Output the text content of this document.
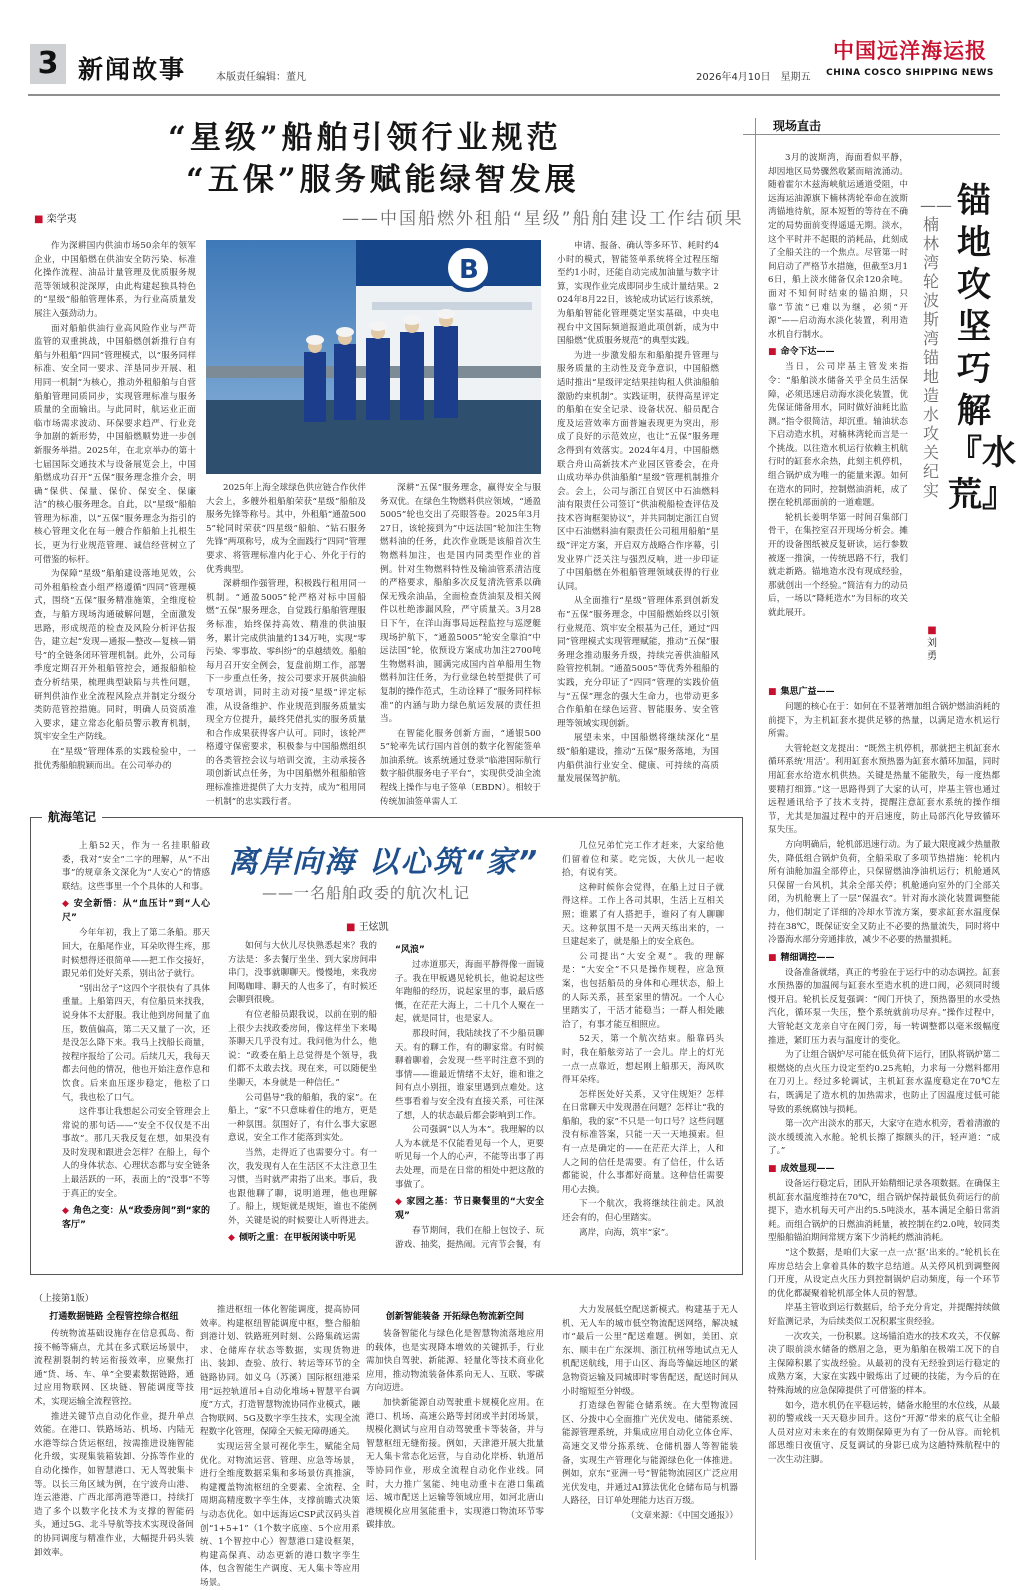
3 新闻故事	本版责任编辑：董凡	2026年4月10日　星期五
中国远洋海运报
CHINA COSCO SHIPPING NEWS
“星级”船舶引领行业规范
“五保”服务赋能绿智发展
——中国船燃外租船“星级”船舶建设工作结硕果
■ 栾学夷
B

作为深耕国内供油市场50余年的领军企业，中国船燃在供油安全防污染、标准化操作流程、油品计量管理及优质服务规范等领域积淀深厚，由此构建起独具特色的“星级”船舶管理体系，为行业高质量发展注入强劲动力。

面对船舶供油行业高风险作业与严苛监管的双重挑战，中国船燃创新推行自有船与外租船“四同”管理模式，以“服务同样标准、安全同一要求、洋垦同步开展、租用同一机制”为核心，推动外租船舶与自营船舶管理同质同步，实现管理标准与服务质量的全面输出。与此同时，航运业正面临市场需求波动、环保要求趋严、行业竞争加剧的新形势，中国船燃顺势进一步创新服务举措。2025年，在北京举办的第十七届国际交通技术与设备展览会上，中国船燃成功召开“五保”服务理念推介会，明确“保供、保量、保价、保安全、保廉洁”的核心服务理念。自此，以“星级”船舶管理为标准，以“五保”服务理念为指引的核心管理文化在每一艘合作船舶上扎根生长，更为行业规范管理、诚信经营树立了可借鉴的标杆。

为保障“星级”船舶建设落地见效，公司外租船检查小组严格遵循“四同”管理模式，围绕“五保”服务精准施策，全维度检查，与船方现场沟通破解问题，全面激发思路，形成规范的检查及风险分析评估报告，建立起“发现—通报—整改—复核—销号”的全链条闭环管理机制。此外，公司每季度定期召开外租船管控会，通报船舶检查分析结果，梳理典型缺陷与共性问题，研判供油作业全流程风险点并制定分级分类防范管控措施。同时，明确人员资质准入要求，建立常态化船员警示教育机制，筑牢安全生产防线。

在“星级”管理体系的实践检验中，一批优秀船舶脱颖而出。在公司举办的

2025年上海全球绿色供应链合作伙伴大会上，多艘外租船舶荣获“星级”船舶及服务先锋等称号。其中，外租船“通盈5005”轮同时荣获“四星级”船舶、“钻石服务先锋”两项称号，成为全面践行“四同”管理要求、将管理标准内化于心、外化于行的优秀典型。

深耕细作强管理，积极践行租用同一机制。“通盈5005”轮严格对标中国船燃“五保”服务理念，自觉践行船舶管理服务标准，始终保持高效、精准的供油服务，累计完成供油量约134万吨，实现“零污染、零事故、零纠纷”的卓越绩效。船舶每月召开安全例会，复盘前期工作，部署下一步重点任务，按公司要求开展供油船专项培训，同时主动对接“星级”评定标准，从设备维护、作业规范到服务质量实现全方位提升，最终凭借扎实的服务质量和合作成果获得客户认可。同时，该轮严格遵守保密要求，积极参与中国船燃组织的各类管控会议与培训交流，主动承接各项创新试点任务，为中国船燃外租船舶管理标准推进提供了大力支持，成为“租用同一机制”的忠实践行者。

深耕“五保”服务理念，赢得安全与服务双优。在绿色生物燃料供应领域，“通盈5005”轮也交出了亮眼答卷。2025年3月27日，该轮接到为“中远法国”轮加注生物燃料油的任务，此次作业既是该船首次生物燃料加注，也是国内同类型作业的首例。针对生物燃料特性及输油管系清洁度的严格要求，船舶多次反复清洗管系以确保无残余油品，全面检查货油泵及相关阀件以杜绝渗漏风险，严守质量关。3月28日下午，在洋山海事局远程监控与巡逻艇现场护航下，“通盈5005”轮安全靠泊“中远法国”轮，依预设方案成功加注2700吨生物燃料油，圆满完成国内首单船用生物燃料加注任务，为行业绿色转型提供了可复制的操作范式，生动诠释了“服务同样标准”的内涵与助力绿色航运发展的责任担当。

在智能化服务创新方面，“通银5005”轮率先试行国内首创的数字化智能签单加油系统。该系统通过登录“临港国际航行数字船供服务电子平台”，实现供受油全流程线上操作与电子签单（EBDN）。相较于传统加油签单需人工

申请、报备、确认等多环节、耗时约4小时的模式，智能签单系统将全过程压缩至约1小时，还能自动完成加油量与数字计算，实现作业完成即同步生成计量结果。2024年8月22日，该轮成功试运行该系统，为船舶智能化管理奠定坚实基础，中央电视台中文国际频道报道此项创新，成为中国船燃“优质服务规范”的典型实践。

为进一步激发船东和船舶提升管理与服务质量的主动性及竞争意识，中国船燃适时推出“星级评定结果挂钩租人供油船舶激励约束机制”。实践证明，获得高星评定的船舶在安全记录、设备状况、船员配合度及运营效率方面普遍表现更为突出，形成了良好的示范效应，也让“五保”服务理念得到有效落实。2024年4月，中国船燃联合舟山高新技术产业园区管委会，在舟山成功举办供油船舶“星级”管理机制推介会。会上，公司与浙江自贸区中石油燃料油有限责任公司签订“供油税船检查评估及技术咨询框架协议”，并共同制定浙江自贸区中石油燃料油有限责任公司租用船舶“星级”评定方案，开启双方战略合作序幕，引发业界广泛关注与强烈反响，进一步印证了中国船燃在外租船管理领域获得的行业认同。

从全面推行“星级”管理体系到创新发布“五保”服务理念，中国船燃始终以引领行业规范、筑牢安全根基为己任，通过“四同”管理模式实现管理赋能，推动“五保”服务理念推动服务升级，持续完善供油船风险管控机制。“通盈5005”等优秀外租船的实践，充分印证了“四同”管理的实践价值与“五保”理念的强大生命力，也带动更多合作船舶在绿色运营、智能服务、安全管理等领域实现创新。

展望未来，中国船燃将继续深化“星级”船舶建设，推动“五保”服务落地，为国内船供油行业安全、健康、可持续的高质量发展保驾护航。

现场直击
锚地攻坚巧解『水荒』
——楠林湾轮波斯湾锚地造水攻关纪实
■刘勇

3月的波斯湾，海面看似平静，却因地区局势骤然收紧而暗流涌动。随着霍尔木兹海峡航运通道受阻，中远海运油源旗下楠林湾轮奉命在波斯湾锚地待航，原本短暂的等待在不确定的局势面前变得遥遥无期。淡水，这个平时并不起眼的消耗品，此刻成了全船关注的一个焦点。尽管第一时间启动了严格节水措施，但截至3月16日，船上淡水储备仅余120余吨。面对不知何时结束的锚泊期，只靠“节流”已难以为继，必须“开源”——启动海水淡化装置，利用造水机自行制水。

■ 命令下达——

当日，公司岸基主管发来指令：“船舶淡水储备关乎全员生活保障，必须迅速启动海水淡化装置，优先保证储备用水，同时做好油耗比监测。”指令很简洁，却沉重。轴油状态下启动造水机，对楠林湾轮而言是一个挑战。以往造水机运行依赖主机航行时的缸套水余热，此刻主机停机，组合锅炉成为唯一的能量来源。如何在造水的同时，控制燃油消耗，成了摆在轮机部面前的一道难题。

轮机长姜明华第一时间召集部门骨干，在集控室召开现场分析会。摊开的设备图纸被反复研读，运行参数被逐一推演，一传统思路不行，我们就走新路。锚地造水没有现成经验，那就创出一个经验。”简洁有力的动员后，一场以“降耗造水”为目标的攻关就此展开。

■ 集思广益——

问题的核心在于：如何在不显著增加组合锅炉燃油消耗的前提下，为主机缸套水提供足够的热量，以满足造水机运行所需。

大管轮赵文龙提出：“既然主机停机，那就把主机缸套水循环系统‘用活’。利用缸套水预热器为缸套水循环加温，同时用缸套水给造水机供热。关键是热量不能散失，每一度热都要精打细算。”这一思路得到了大家的认可，岸基主管也通过远程通讯给予了技术支持，提醒注意缸套水系统的操作细节，尤其是加温过程中的开启速度，防止局部汽化导致循环泵失压。

方向明确后，轮机部迅速行动。为了最大限度减少热量散失，降低组合锅炉负荷，全船采取了多项节热措施：轮机内所有油舱加温全部停止，只保留燃油净油机运行；机舱通风只保留一台风机，其余全部关停；机舱通向室外的门全部关闭，为机舱裹上了一层“保温衣”。针对海水淡化装置调整能力，他们制定了详细的冷却水节流方案，要求缸套水温度保持在38℃，既保证安全又防止不必要的热量流失，同时将中冷器海水部分旁通排放，减少不必要的热量损耗。

■ 精细调控——

设备准备就绪，真正的考验在于运行中的动态调控。缸套水预热器的加温阀与缸套水至造水机的进口阀，必须同时缓慢开启。轮机长反复强调：“阀门开快了，预热器里的水受热汽化，循环泵一失压，整个系统就前功尽弃。”操作过程中，大管轮赵文龙亲自守在阀门旁，每一转调整都以毫米级幅度推进，紧盯压力表与温度计的变化。

为了让组合锅炉尽可能在低负荷下运行，团队将锅炉第二根燃烧的点火压力设定至约0.25兆帕，力求每一分燃料都用在刀刃上。经过多轮调试，主机缸套水温度稳定在70℃左右，既满足了造水机的加热需求，也防止了因温度过低可能导致的系统腐蚀与损耗。

第一次产出淡水的那天，大家守在造水机旁，看着清澈的淡水缓缓流入水舱。轮机长擦了擦额头的汗，轻声道：“成了。”

■ 成效显现——

设备运行稳定后，团队开始精细记录各项数据。在确保主机缸套水温度维持在70℃，组合锅炉保持最低负荷运行的前提下，造水机每天可产出约5.5吨淡水，基本满足全船日常消耗。而组合锅炉的日燃油消耗量，被控制在约2.0吨，较同类型船舶锚泊期间常规方案下少消耗约燃油消耗。

“这个数据，是咱们大家一点一点‘抠’出来的。”轮机长在库房总结会上拿着具体的数字总结道。从关停风机到调整阀门开度，从设定点火压力到控制锅炉启动频度，每一个环节的优化都凝聚着轮机部全体人员的智慧。

岸基主管收到运行数据后，给予充分肯定，并提醒持续做好监测记录，为后续类似工况积累宝贵经验。

一次攻关，一份积累。这场锚泊造水的技术攻关，不仅解决了眼前淡水储备的燃眉之急，更为船舶在极端工况下的自主保障积累了实战经验。从最初的没有无经验到运行稳定的成熟方案，大家在实践中锻炼出了过硬的技能，为今后的在特殊海域的应急保障提供了可借鉴的样本。

如今，造水机仍在平稳运转，储备水舱里的水位线，从最初的警戒线一天天稳步回升。这份“开源”带来的底气让全船人员对应对未来在的有效期保障更为有了一份从容。而轮机部思维日夜值守、反复调试的身影已成为这趟特殊航程中的一次生动注脚。

航海笔记
离岸向海 以心筑“家”
——一名船舶政委的航次札记
■ 王炫凯

上船52天，作为一名挂职船政委，我对“安全”二字的理解，从“不出事”的规章条文深化为“人安心”的情感联结。这些事里一个个具体的人和事。

◆ 安全新悟：从“血压计”到“人心尺”

今年年初，我上了第二条船。那天回大，在船尾作业，耳朵吹得生疼，那时候想得还很简单——把工作交接好，跟兄弟们处好关系，别出岔子就行。

“别出岔子”这四个字很快有了具体重量。上船第四天，有位船员来找我，说身体不太舒服。我让他到房间量了血压，数值偏高，第二天又量了一次，还是没怎么降下来。我马上找船长商量，按程序报给了公司。后续几天，我每天都去问他的情况，他也开始注意作息和饮食。后来血压逐步稳定，他松了口气，我也松了口气。

这件事让我想起公司安全管理会上常说的那句话——“安全不仅仅是不出事故”。那几天我反复在想，如果没有及时发现和跟进会怎样？在船上，每个人的身体状态、心理状态都与安全链条上最活跃的一环，表面上的“没事”不等于真正的安全。

◆ 角色之变：从“政委房间”到“家的客厅”

如何与大伙儿尽快熟悉起来？我的方法是：多去餐厅坐坐、到大家房间串串门，没事就聊聊天。慢慢地，来我房间喝咖啡、聊天的人也多了，有时候还会聊到很晚。

有位老船员跟我说，以前在别的船上很少去找政委房间，像这样坐下来喝茶聊天几乎没有过。我问他为什么，他说：“政委在船上总觉得是个领导，我们都不太敢去找。现在来，可以随便坐坐聊天，本身就是一种信任。”

公司倡导“我的船舶，我的家”。在船上，“家”不只意味着住的地方，更是一种氛围。氛围好了，有什么事大家愿意说，安全工作才能落到实处。

当然，走得近了也需要分寸。有一次，我发现有人在生活区不太注意卫生习惯，当时就严肃指了出来。事后，我也跟他聊了聊，说明道理，他也理解了。船上，规矩就是规矩，谁也不能例外，关键是说的时候要让人听得进去。

◆ 倾听之重：在甲板闲谈中听见
“风浪”

过赤道那天，海面平静得像一面镜子。我在甲板遇见轮机长，他说起这些年跑船的经历，说起家里的事，最后感慨，在茫茫大海上，二十几个人聚在一起，就是同甘，也是家人。

那段时间，我陆续找了不少船员聊天。有的聊工作，有的聊家常。有时候聊着聊着，会发现一些平时注意不到的事情——谁最近情绪不太好，谁和谁之间有点小别扭，谁家里遇到点难处。这些事看着与安全没有直接关系，可往深了想，人的状态最后都会影响到工作。

公司强调“以人为本”。我理解的以人为本就是不仅能看见每一个人，更要听见每一个人的心声，不能等出事了再去处理，而是在日常的相处中把这散的事做了。

◆ 家园之基：节日聚餐里的“大安全观”

春节期间，我们在船上包饺子、玩游戏、抽奖，挺热闹。元宵节会餐，有

几位兄弟忙完工作才赶来，大家给他们留着位和菜。吃完饭，大伙儿一起收拾，有说有笑。

这种时候你会觉得，在船上过日子就得这样。工作上各司其职，生活上互相关照；谁累了有人搭把手，谁闷了有人聊聊天。这种氛围不是一天两天练出来的，一旦建起来了，就是船上的安全底色。

公司提出“大安全观”。我的理解是：“大安全”不只是操作规程，应急预案，也包括船员的身体和心理状态，船上的人际关系，甚至家里的情况。一个人心里踏实了，干活才能稳当；一群人相处融洽了，有事才能互相照应。

52天，第一个航次结束。船靠码头时，我在船舷旁站了一会儿。岸上的灯光一点一点靠近，想起刚上船那天，海风吹得耳朵疼。

怎样医处好关系，又守住规矩？怎样在日常聊天中发现潜在问题？怎样让“我的船舶，我的家”不只是一句口号？这些问题没有标准答案，只能一天一天地摸索。但有一点是确定的——在茫茫大洋上，人和人之间的信任是需要。有了信任，什么话都能说，什么事都好商量。这种信任需要用心去换。

下一个航次，我将继续往前走。风浪还会有的，但心里踏实。

离岸，向海，筑牢“家”。

（上接第1版）
打通数据链路 全程管控综合枢纽

传统物流基础设施存在信息孤岛、衔接不畅等痛点，尤其在多式联运场景中，流程割裂制约转运衔接效率，应聚焦打通“货、场、车、单”全要素数据链路，通过应用物联网、区块链、智能调度等技术，实现运输全流程管控。

推进关键节点自动化作业，提升单点效能。在港口、铁路场站、机场、内陆无水港等综合货运枢纽，按需推进设施智能化升级，实现集装箱装卸、分拣等作业的自动化操作，如智慧港口、无人驾驶集卡等。以长三角区域为例，在宁波舟山港、连云港港、广西北部湾港等港口，持续打造了多个以数字化技术为支撑的智能码头，通过5G、北斗导航等技术实现设备间的协同调度与精准作业，大幅提升码头装卸效率。

推进枢纽一体化智能调度，提高协同效率。构建枢纽智能调度中枢，整合船舶到港计划、铁路班列时刻、公路集疏运需求、仓储库存状态等数据，实现货物进出、装卸、查验、放行、转运等环节的全链路协同。如义乌（苏溪）国际枢纽港采用“远控轨道吊+自动化堆场+智慧平台调度”方式，打造智慧物流协同作业模式，融合物联网、5G及数字孪生技术，实现全流程数字化管理，保障全天候无障碍通关。

实现运营全景可视化孪生，赋能全局优化。对物流运营、管理、应急等场景，进行全维度数据采集和多场景仿真推演，构建覆盖物流枢纽的全要素、全流程、全周期高精度数字孪生体，支撑前瞻式决策与动态优化。如中远海运CSP武汉码头首创“1+5+1”（1个数字底座、5个应用系统、1个智控中心）智慧港口建设框架，构建高保真、动态更新的港口数字孪生体，包含智能生产调度、无人集卡等应用场景。

创新智能装备 开拓绿色物流新空间

装备智能化与绿色化是智慧物流落地应用的载体，也是实现降本增效的关键抓手，行业需加快自驾驶、新能源、轻量化等技术商业化应用，推动物流装备体系向无人、互联、零碳方向迈进。

加快新能源自动驾驶重卡规模化应用。在港口、机场、高速公路等封闭或半封闭场景，规模化测试与应用自动驾驶重卡等装备，并与智慧枢纽无缝衔接。例如，天津港开展大批量无人集卡常态化运营，与自动化岸桥、轨道吊等协同作业，形成全流程自动化作业线。同时，大力推广氢能、纯电动重卡在港口集疏运、城市配送上运输等领域应用，如河北唐山港规模化应用氢能重卡，实现港口物流环节零碳排放。

大力发展低空配送新模式。构建基于无人机、无人车的城市低空物流配送网络，解决城市“最后一公里”配送难题。例如，美团、京东、顺丰在广东深圳、浙江杭州等地试点无人机配送航线，用于山区、海岛等偏远地区的紧急物资运输及同城即时零售配送，配送时间从小时缩短至分钟级。

打造绿色智能仓储系统。在大型物流园区、分拨中心全面推广光伏发电、储能系统、能源管理系统，并集成应用自动化立体仓库、高速交叉带分拣系统、仓储机器人等智能装备，实现生产管理化与能源绿色化一体推进。例如，京东“亚洲一号”智能物流园区广泛应用光伏发电，并通过AI算法优化仓储布局与机器人路径，日订单处理能力达百万级。

（文章来源：《中国交通报》）
